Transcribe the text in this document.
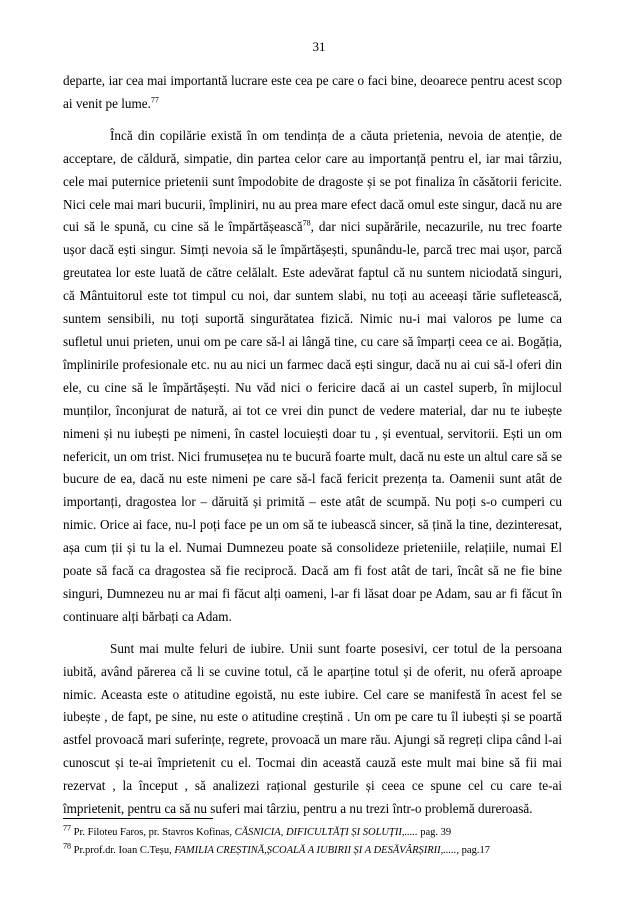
31

departe, iar cea mai importantă lucrare este cea pe care o faci bine, deoarece pentru acest scop ai venit pe lume.$^{77}$

Încă din copilărie există în om tendința de a căuta prietenia, nevoia de atenție, de acceptare, de căldură, simpatie, din partea celor care au importanță pentru el, iar mai târziu, cele mai puternice prietenii sunt împodobite de dragoste și se pot finaliza în căsătorii fericite. Nici cele mai mari bucurii, împliniri, nu au prea mare efect dacă omul este singur, dacă nu are cui să le spună, cu cine să le împărtășească$^{78}$, dar nici supărările, necazurile, nu trec foarte ușor dacă ești singur. Simți nevoia să le împărtășești, spunându-le, parcă trec mai ușor, parcă greutatea lor este luată de către celălalt. Este adevărat faptul că nu suntem niciodată singuri, că Mântuitorul este tot timpul cu noi, dar suntem slabi, nu toți au aceeași tărie sufletească, suntem sensibili, nu toți suportă singurătatea fizică. Nimic nu-i mai valoros pe lume ca sufletul unui prieten, unui om pe care să-l ai lângă tine, cu care să împarți ceea ce ai. Bogăția, împlinirile profesionale etc. nu au nici un farmec dacă ești singur, dacă nu ai cui să-l oferi din ele, cu cine să le împărtășești. Nu văd nici o fericire dacă ai un castel superb, în mijlocul munților, înconjurat de natură, ai tot ce vrei din punct de vedere material, dar nu te iubește nimeni și nu iubești pe nimeni, în castel locuiești doar tu , și eventual, servitorii. Ești un om nefericit, un om trist. Nici frumusețea nu te bucură foarte mult, dacă nu este un altul care să se bucure de ea, dacă nu este nimeni pe care să-l facă fericit prezența ta. Oamenii sunt atât de importanți, dragostea lor – dăruită și primită – este atât de scumpă. Nu poți s-o cumperi cu nimic. Orice ai face, nu-l poți face pe un om să te iubească sincer, să țină la tine, dezinteresat, așa cum ții și tu la el. Numai Dumnezeu poate să consolideze prieteniile, relațiile, numai El poate să facă ca dragostea să fie reciprocă. Dacă am fi fost atât de tari, încât să ne fie bine singuri, Dumnezeu nu ar mai fi făcut alți oameni, l-ar fi lăsat doar pe Adam, sau ar fi făcut în continuare alți bărbați ca Adam.

Sunt mai multe feluri de iubire. Unii sunt foarte posesivi, cer totul de la persoana iubită, având părerea că li se cuvine totul, că le aparține totul și de oferit, nu oferă aproape nimic. Aceasta este o atitudine egoistă, nu este iubire. Cel care se manifestă în acest fel se iubește , de fapt, pe sine, nu este o atitudine creștină . Un om pe care tu îl iubești și se poartă astfel provoacă mari suferințe, regrete, provoacă un mare rău. Ajungi să regreți clipa când l-ai cunoscut și te-ai împrietenit cu el. Tocmai din această cauză este mult mai bine să fii mai rezervat , la început , să analizezi rațional gesturile și ceea ce spune cel cu care te-ai împrietenit, pentru ca să nu suferi mai târziu, pentru a nu trezi într-o problemă dureroasă.

$^{77}$ Pr. Filoteu Faros, pr. Stavros Kofinas, CĂSNICIA, DIFICULTĂȚI ȘI SOLUȚII,..... pag. 39
$^{78}$ Pr.prof.dr. Ioan C.Teșu, FAMILIA CREȘTINĂ,ȘCOALĂ A IUBIRII ȘI A DESĂVÂRȘIRII,....., pag.17
